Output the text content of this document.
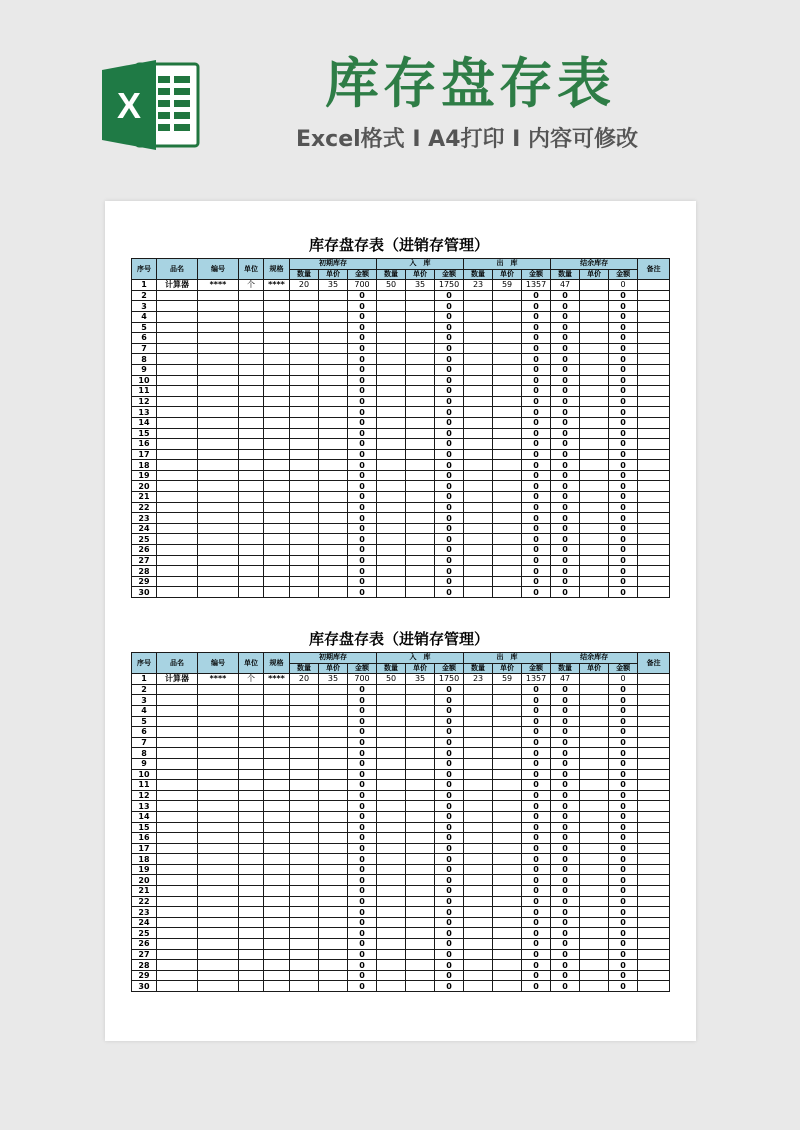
X	库存盘存表
Excel格式 I A4打印 I 内容可修改
库存盘存表（进销存管理）
序号	品名	编号	单位	规格	初期库存			入　库			出　库			结余库存			备注
					数量	单价	金额	数量	单价	金额	数量	单价	金额	数量	单价	金额	
1	计算器	****	个	****	20	35	700	50	35	1750	23	59	1357	47		0	
2							0			0			0	0		0	
3							0			0			0	0		0	
4							0			0			0	0		0	
5							0			0			0	0		0	
6							0			0			0	0		0	
7							0			0			0	0		0	
8							0			0			0	0		0	
9							0			0			0	0		0	
10							0			0			0	0		0	
11							0			0			0	0		0	
12							0			0			0	0		0	
13							0			0			0	0		0	
14							0			0			0	0		0	
15							0			0			0	0		0	
16							0			0			0	0		0	
17							0			0			0	0		0	
18							0			0			0	0		0	
19							0			0			0	0		0	
20							0			0			0	0		0	
21							0			0			0	0		0	
22							0			0			0	0		0	
23							0			0			0	0		0	
24							0			0			0	0		0	
25							0			0			0	0		0	
26							0			0			0	0		0	
27							0			0			0	0		0	
28							0			0			0	0		0	
29							0			0			0	0		0	
30							0			0			0	0		0	
库存盘存表（进销存管理）
序号	品名	编号	单位	规格	初期库存			入　库			出　库			结余库存			备注
					数量	单价	金额	数量	单价	金额	数量	单价	金额	数量	单价	金额	
1	计算器	****	个	****	20	35	700	50	35	1750	23	59	1357	47		0	
2							0			0			0	0		0	
3							0			0			0	0		0	
4							0			0			0	0		0	
5							0			0			0	0		0	
6							0			0			0	0		0	
7							0			0			0	0		0	
8							0			0			0	0		0	
9							0			0			0	0		0	
10							0			0			0	0		0	
11							0			0			0	0		0	
12							0			0			0	0		0	
13							0			0			0	0		0	
14							0			0			0	0		0	
15							0			0			0	0		0	
16							0			0			0	0		0	
17							0			0			0	0		0	
18							0			0			0	0		0	
19							0			0			0	0		0	
20							0			0			0	0		0	
21							0			0			0	0		0	
22							0			0			0	0		0	
23							0			0			0	0		0	
24							0			0			0	0		0	
25							0			0			0	0		0	
26							0			0			0	0		0	
27							0			0			0	0		0	
28							0			0			0	0		0	
29							0			0			0	0		0	
30							0			0			0	0		0	
